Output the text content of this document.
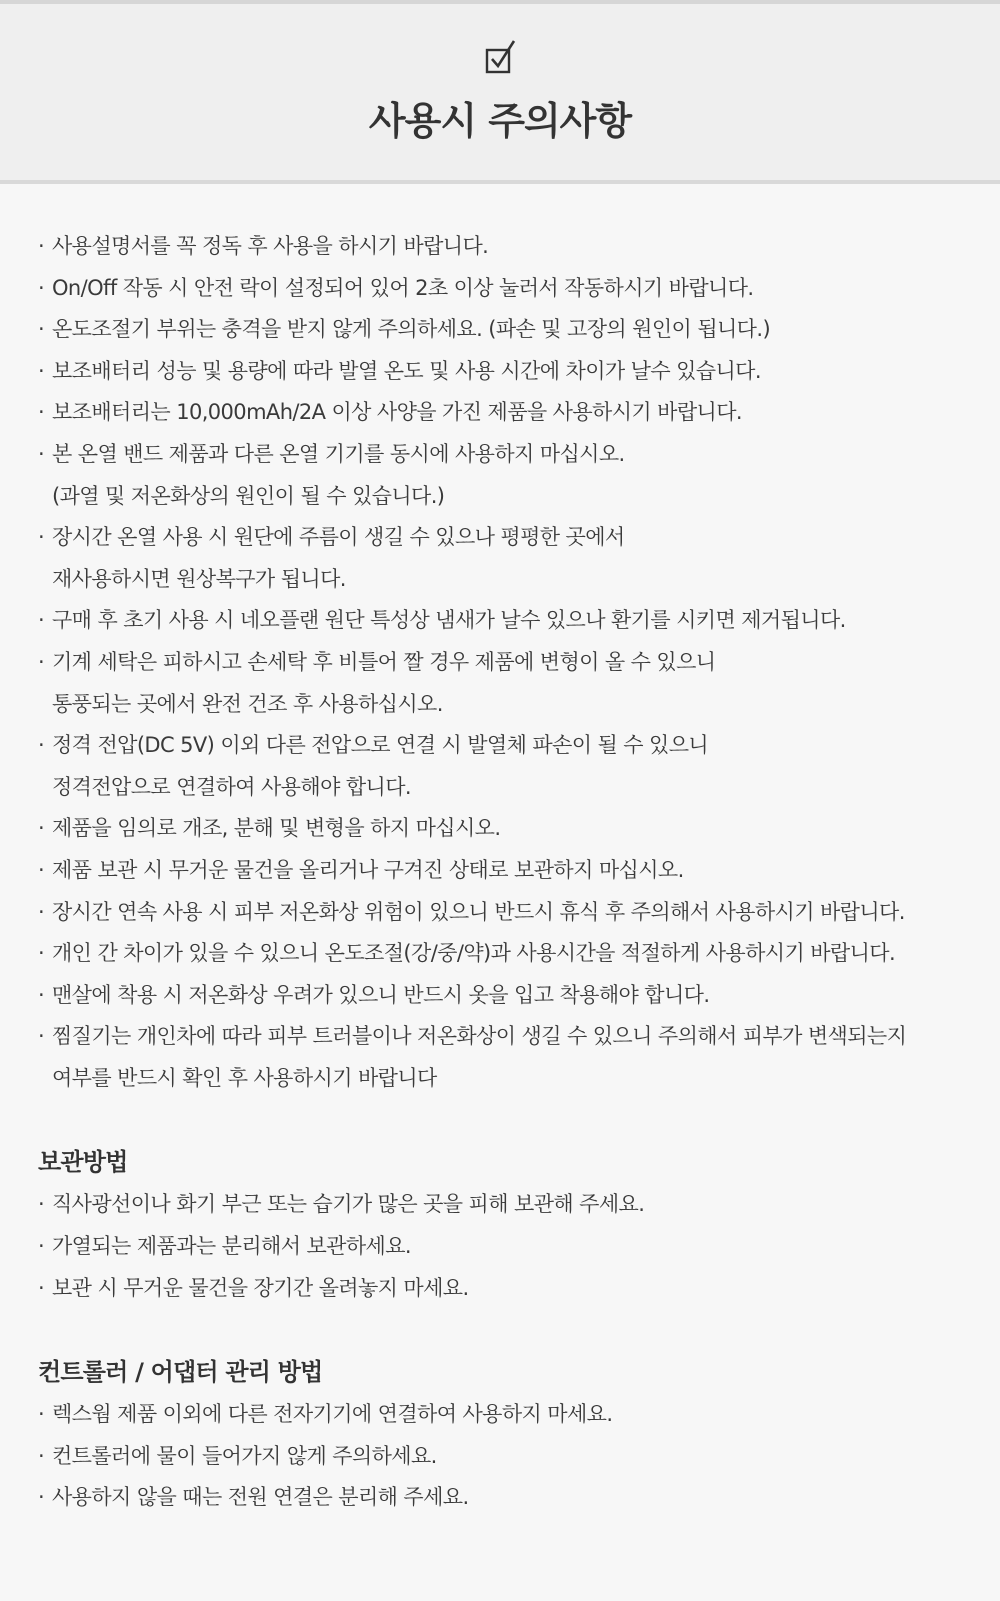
사용시 주의사항
· 사용설명서를 꼭 정독 후 사용을 하시기 바랍니다.
· On/Off 작동 시 안전 락이 설정되어 있어 2초 이상 눌러서 작동하시기 바랍니다.
· 온도조절기 부위는 충격을 받지 않게 주의하세요. (파손 및 고장의 원인이 됩니다.)
· 보조배터리 성능 및 용량에 따라 발열 온도 및 사용 시간에 차이가 날수 있습니다.
· 보조배터리는 10,000mAh/2A 이상 사양을 가진 제품을 사용하시기 바랍니다.
· 본 온열 밴드 제품과 다른 온열 기기를 동시에 사용하지 마십시오.
(과열 및 저온화상의 원인이 될 수 있습니다.)
· 장시간 온열 사용 시 원단에 주름이 생길 수 있으나 평평한 곳에서
재사용하시면 원상복구가 됩니다.
· 구매 후 초기 사용 시 네오플랜 원단 특성상 냄새가 날수 있으나 환기를 시키면 제거됩니다.
· 기계 세탁은 피하시고 손세탁 후 비틀어 짤 경우 제품에 변형이 올 수 있으니
통풍되는 곳에서 완전 건조 후 사용하십시오.
· 정격 전압(DC 5V) 이외 다른 전압으로 연결 시 발열체 파손이 될 수 있으니
정격전압으로 연결하여 사용해야 합니다.
· 제품을 임의로 개조, 분해 및 변형을 하지 마십시오.
· 제품 보관 시 무거운 물건을 올리거나 구겨진 상태로 보관하지 마십시오.
· 장시간 연속 사용 시 피부 저온화상 위험이 있으니 반드시 휴식 후 주의해서 사용하시기 바랍니다.
· 개인 간 차이가 있을 수 있으니 온도조절(강/중/약)과 사용시간을 적절하게 사용하시기 바랍니다.
· 맨살에 착용 시 저온화상 우려가 있으니 반드시 옷을 입고 착용해야 합니다.
· 찜질기는 개인차에 따라 피부 트러블이나 저온화상이 생길 수 있으니 주의해서 피부가 변색되는지
여부를 반드시 확인 후 사용하시기 바랍니다
보관방법
· 직사광선이나 화기 부근 또는 습기가 많은 곳을 피해 보관해 주세요.
· 가열되는 제품과는 분리해서 보관하세요.
· 보관 시 무거운 물건을 장기간 올려놓지 마세요.
컨트롤러 / 어댑터 관리 방법
· 렉스웜 제품 이외에 다른 전자기기에 연결하여 사용하지 마세요.
· 컨트롤러에 물이 들어가지 않게 주의하세요.
· 사용하지 않을 때는 전원 연결은 분리해 주세요.
